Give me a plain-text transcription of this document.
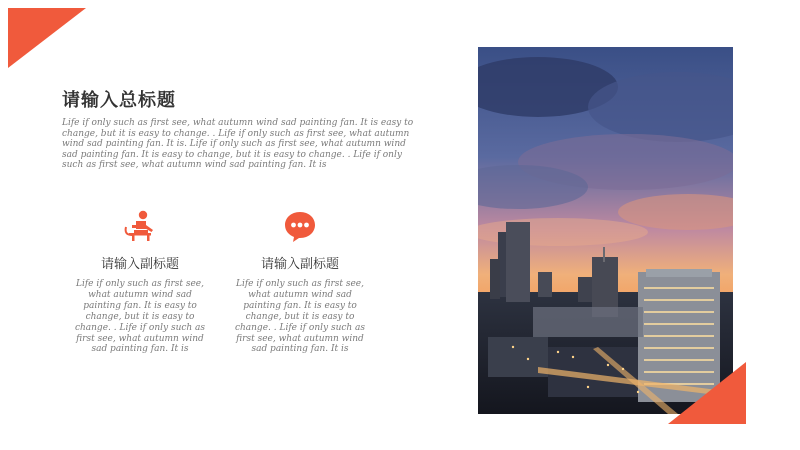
请输入总标题
Life if only such as first see, what autumn wind sad painting fan. It is easy to change, but it is easy to change. . Life if only such as first see, what autumn wind sad painting fan. It is. Life if only such as first see, what autumn wind sad painting fan. It is easy to change, but it is easy to change. . Life if only such as first see, what autumn wind sad painting fan. It is
请输入副标题
Life if only such as first see, what autumn wind sad painting fan. It is easy to change, but it is easy to change. . Life if only such as first see, what autumn wind sad painting fan. It is
请输入副标题
Life if only such as first see, what autumn wind sad painting fan. It is easy to change, but it is easy to change. . Life if only such as first see, what autumn wind sad painting fan. It is
